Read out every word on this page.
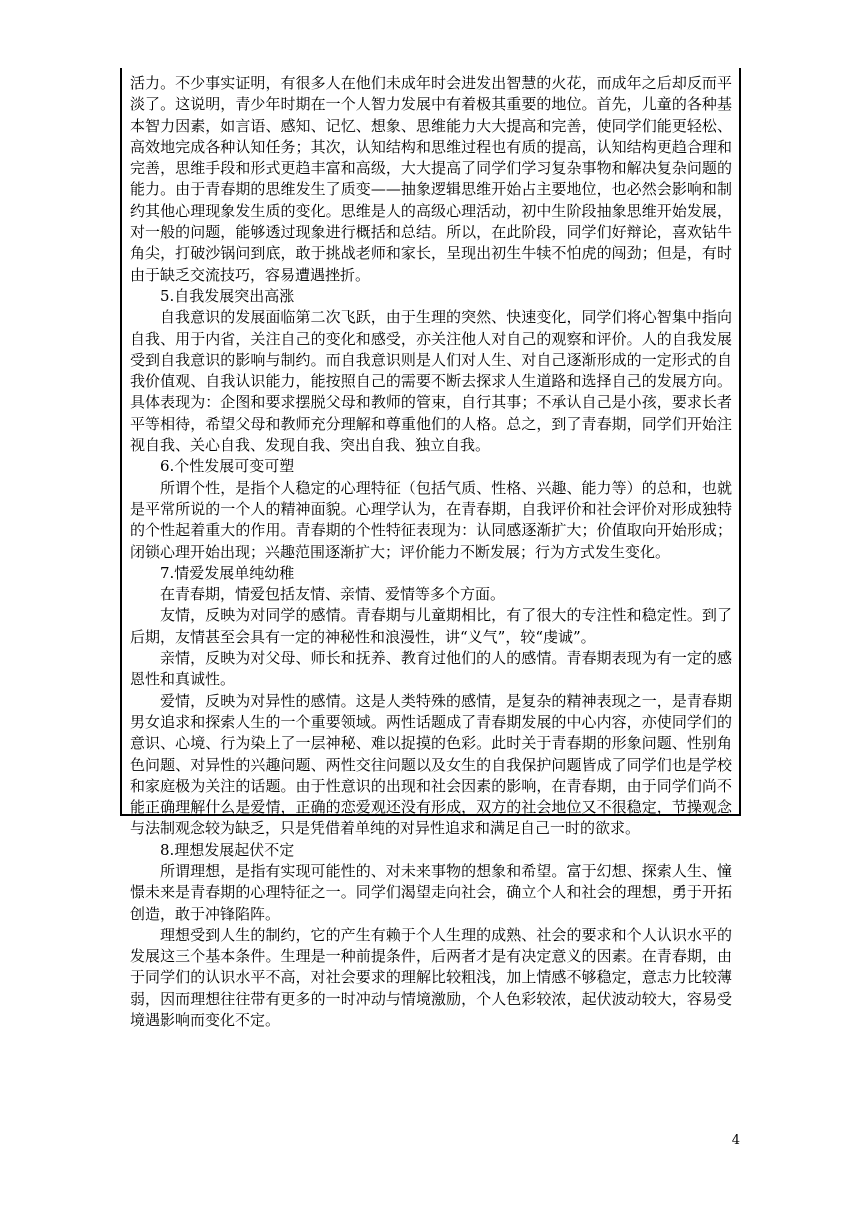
活力。不少事实证明，有很多人在他们未成年时会进发出智慧的火花，而成年之后却反而平淡了。这说明，青少年时期在一个人智力发展中有着极其重要的地位。首先，儿童的各种基本智力因素，如言语、感知、记忆、想象、思维能力大大提高和完善，使同学们能更轻松、高效地完成各种认知任务；其次，认知结构和思维过程也有质的提高，认知结构更趋合理和完善，思维手段和形式更趋丰富和高级，大大提高了同学们学习复杂事物和解决复杂问题的能力。由于青春期的思维发生了质变——抽象逻辑思维开始占主要地位，也必然会影响和制约其他心理现象发生质的变化。思维是人的高级心理活动，初中生阶段抽象思维开始发展，对一般的问题，能够透过现象进行概括和总结。所以，在此阶段，同学们好辩论，喜欢钻牛角尖，打破沙锅问到底，敢于挑战老师和家长，呈现出初生牛犊不怕虎的闯劲；但是，有时由于缺乏交流技巧，容易遭遇挫折。

5.自我发展突出高涨

自我意识的发展面临第二次飞跃，由于生理的突然、快速变化，同学们将心智集中指向自我、用于内省，关注自己的变化和感受，亦关注他人对自己的观察和评价。人的自我发展受到自我意识的影响与制约。而自我意识则是人们对人生、对自己逐渐形成的一定形式的自我价值观、自我认识能力，能按照自己的需要不断去探求人生道路和选择自己的发展方向。具体表现为：企图和要求摆脱父母和教师的管束，自行其事；不承认自己是小孩，要求长者平等相待，希望父母和教师充分理解和尊重他们的人格。总之，到了青春期，同学们开始注视自我、关心自我、发现自我、突出自我、独立自我。

6.个性发展可变可塑

所谓个性，是指个人稳定的心理特征（包括气质、性格、兴趣、能力等）的总和，也就是平常所说的一个人的精神面貌。心理学认为，在青春期，自我评价和社会评价对形成独特的个性起着重大的作用。青春期的个性特征表现为：认同感逐渐扩大；价值取向开始形成；闭锁心理开始出现；兴趣范围逐渐扩大；评价能力不断发展；行为方式发生变化。

7.情爱发展单纯幼稚

在青春期，情爱包括友情、亲情、爱情等多个方面。

友情，反映为对同学的感情。青春期与儿童期相比，有了很大的专注性和稳定性。到了后期，友情甚至会具有一定的神秘性和浪漫性，讲“义气”，较“虔诚”。

亲情，反映为对父母、师长和抚养、教育过他们的人的感情。青春期表现为有一定的感恩性和真诚性。

爱情，反映为对异性的感情。这是人类特殊的感情，是复杂的精神表现之一，是青春期男女追求和探索人生的一个重要领域。两性话题成了青春期发展的中心内容，亦使同学们的意识、心境、行为染上了一层神秘、难以捉摸的色彩。此时关于青春期的形象问题、性别角色问题、对异性的兴趣问题、两性交往问题以及女生的自我保护问题皆成了同学们也是学校和家庭极为关注的话题。由于性意识的出现和社会因素的影响，在青春期，由于同学们尚不能正确理解什么是爱情，正确的恋爱观还没有形成，双方的社会地位又不很稳定，节操观念与法制观念较为缺乏，只是凭借着单纯的对异性追求和满足自己一时的欲求。

8.理想发展起伏不定

所谓理想，是指有实现可能性的、对未来事物的想象和希望。富于幻想、探索人生、憧憬未来是青春期的心理特征之一。同学们渴望走向社会，确立个人和社会的理想，勇于开拓创造，敢于冲锋陷阵。

理想受到人生的制约，它的产生有赖于个人生理的成熟、社会的要求和个人认识水平的发展这三个基本条件。生理是一种前提条件，后两者才是有决定意义的因素。在青春期，由于同学们的认识水平不高，对社会要求的理解比较粗浅，加上情感不够稳定，意志力比较薄弱，因而理想往往带有更多的一时冲动与情境激励，个人色彩较浓，起伏波动较大，容易受境遇影响而变化不定。

4
